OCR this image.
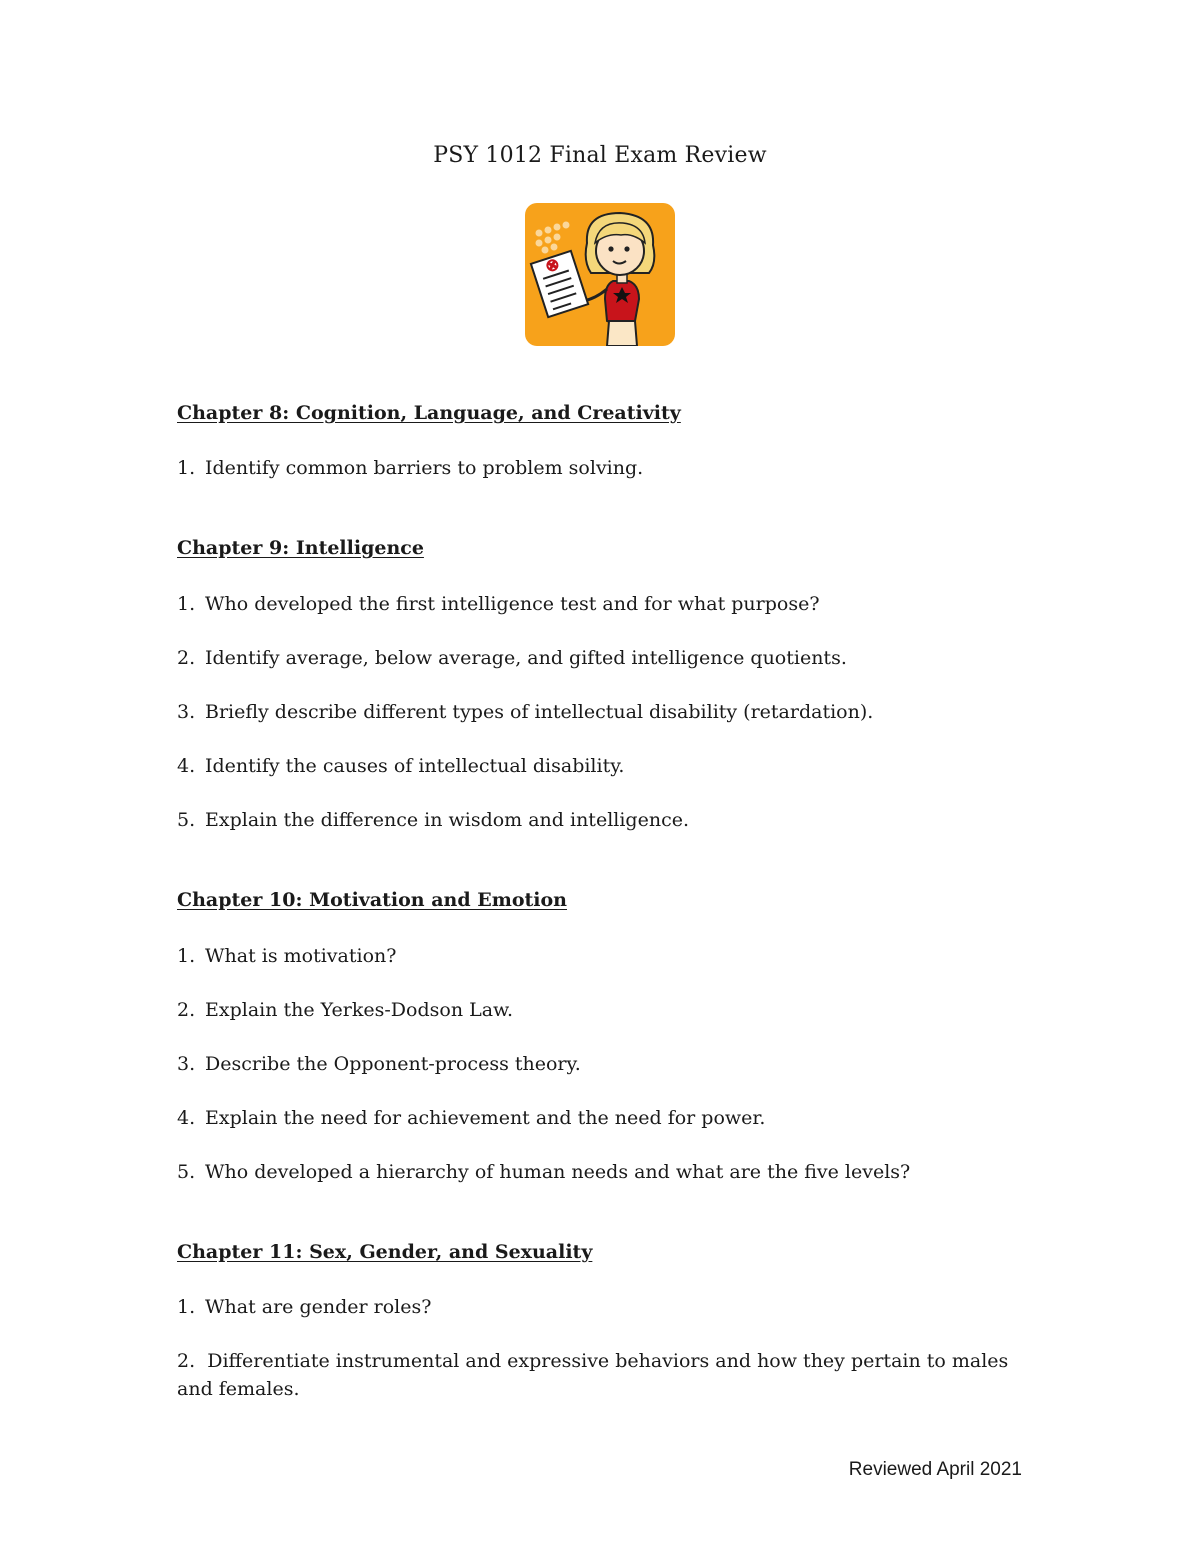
PSY 1012 Final Exam Review
Chapter 8: Cognition, Language, and Creativity

1. Identify common barriers to problem solving.

Chapter 9: Intelligence

1. Who developed the first intelligence test and for what purpose?

2. Identify average, below average, and gifted intelligence quotients.

3. Briefly describe different types of intellectual disability (retardation).

4. Identify the causes of intellectual disability.

5. Explain the difference in wisdom and intelligence.

Chapter 10: Motivation and Emotion

1. What is motivation?

2. Explain the Yerkes-Dodson Law.

3. Describe the Opponent-process theory.

4. Explain the need for achievement and the need for power.

5. Who developed a hierarchy of human needs and what are the five levels?

Chapter 11: Sex, Gender, and Sexuality

1. What are gender roles?

2. Differentiate instrumental and expressive behaviors and how they pertain to males and females.

Reviewed April 2021
